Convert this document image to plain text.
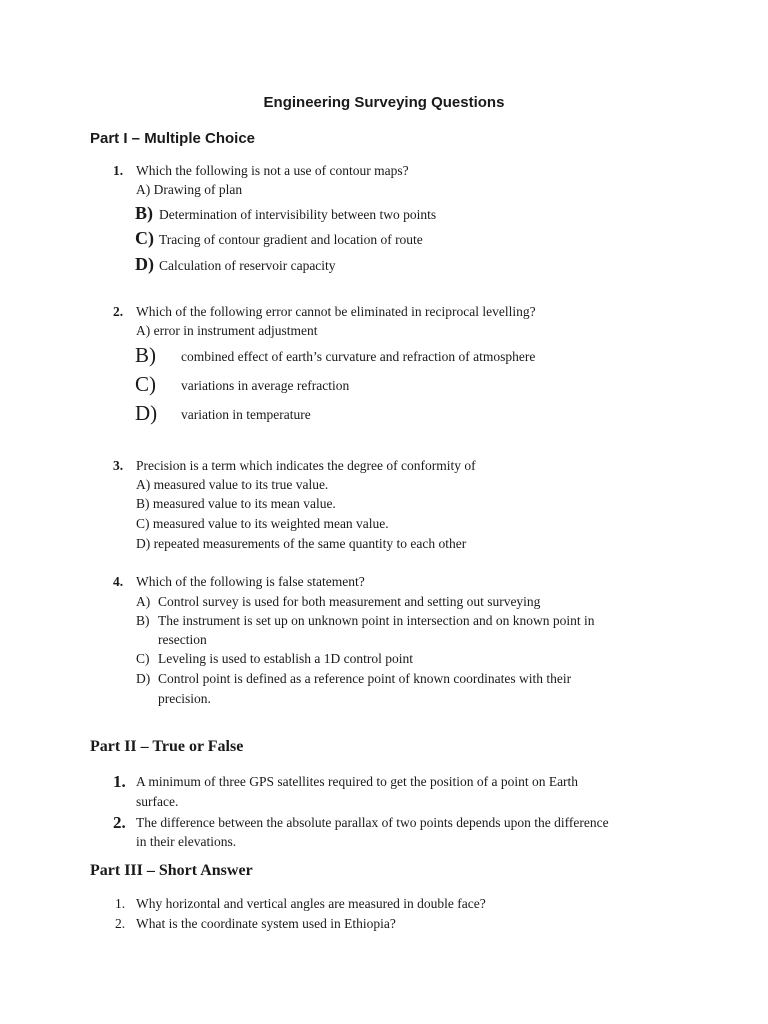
Engineering Surveying Questions
Part I – Multiple Choice
1. Which the following is not a use of contour maps?
A) Drawing of plan
B) Determination of intervisibility between two points
C) Tracing of contour gradient and location of route
D) Calculation of reservoir capacity
2. Which of the following error cannot be eliminated in reciprocal levelling?
A) error in instrument adjustment
B) combined effect of earth’s curvature and refraction of atmosphere
C) variations in average refraction
D) variation in temperature
3. Precision is a term which indicates the degree of conformity of
A) measured value to its true value.
B) measured value to its mean value.
C) measured value to its weighted mean value.
D) repeated measurements of the same quantity to each other
4. Which of the following is false statement?
A) Control survey is used for both measurement and setting out surveying
B) The instrument is set up on unknown point in intersection and on known point in
resection
C) Leveling is used to establish a 1D control point
D) Control point is defined as a reference point of known coordinates with their
precision.
Part II – True or False
1. A minimum of three GPS satellites required to get the position of a point on Earth
surface.
2. The difference between the absolute parallax of two points depends upon the difference
in their elevations.
Part III – Short Answer
1. Why horizontal and vertical angles are measured in double face?
2. What is the coordinate system used in Ethiopia?
